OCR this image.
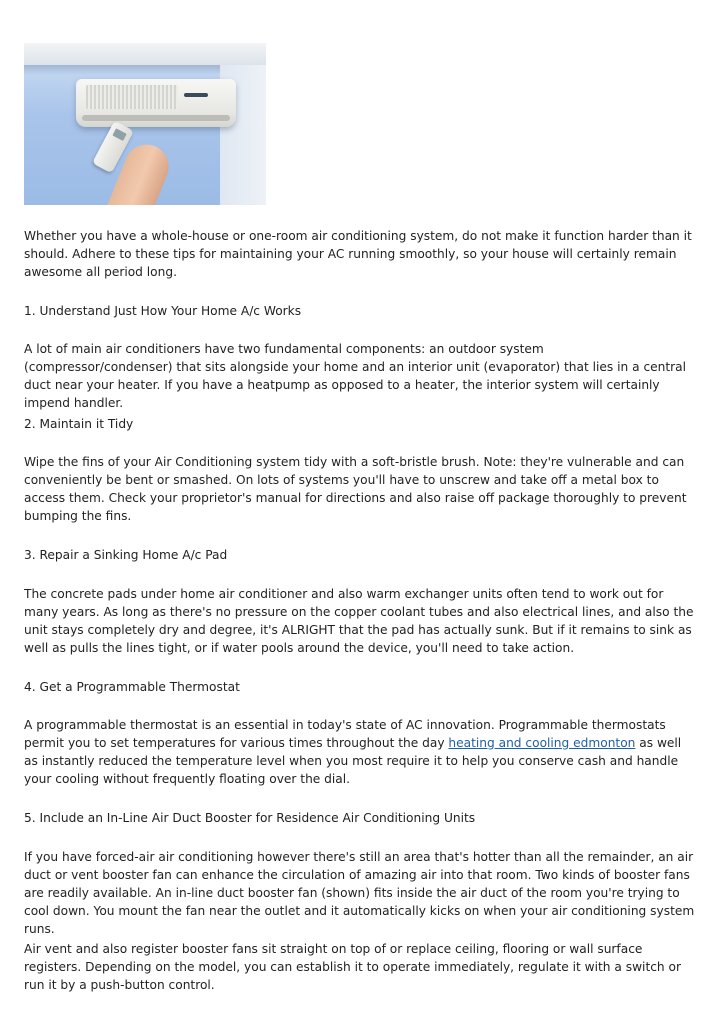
Whether you have a whole-house or one-room air conditioning system, do not make it function harder than it should. Adhere to these tips for maintaining your AC running smoothly, so your house will certainly remain awesome all period long.

1. Understand Just How Your Home A/c Works

A lot of main air conditioners have two fundamental components: an outdoor system (compressor/condenser) that sits alongside your home and an interior unit (evaporator) that lies in a central duct near your heater. If you have a heatpump as opposed to a heater, the interior system will certainly impend handler.

2. Maintain it Tidy

Wipe the fins of your Air Conditioning system tidy with a soft-bristle brush. Note: they're vulnerable and can conveniently be bent or smashed. On lots of systems you'll have to unscrew and take off a metal box to access them. Check your proprietor's manual for directions and also raise off package thoroughly to prevent bumping the fins.

3. Repair a Sinking Home A/c Pad

The concrete pads under home air conditioner and also warm exchanger units often tend to work out for many years. As long as there's no pressure on the copper coolant tubes and also electrical lines, and also the unit stays completely dry and degree, it's ALRIGHT that the pad has actually sunk. But if it remains to sink as well as pulls the lines tight, or if water pools around the device, you'll need to take action.

4. Get a Programmable Thermostat

A programmable thermostat is an essential in today's state of AC innovation. Programmable thermostats permit you to set temperatures for various times throughout the day heating and cooling edmonton as well as instantly reduced the temperature level when you most require it to help you conserve cash and handle your cooling without frequently floating over the dial.

5. Include an In-Line Air Duct Booster for Residence Air Conditioning Units

If you have forced-air air conditioning however there's still an area that's hotter than all the remainder, an air duct or vent booster fan can enhance the circulation of amazing air into that room. Two kinds of booster fans are readily available. An in-line duct booster fan (shown) fits inside the air duct of the room you're trying to cool down. You mount the fan near the outlet and it automatically kicks on when your air conditioning system runs.

Air vent and also register booster fans sit straight on top of or replace ceiling, flooring or wall surface registers. Depending on the model, you can establish it to operate immediately, regulate it with a switch or run it by a push-button control.
